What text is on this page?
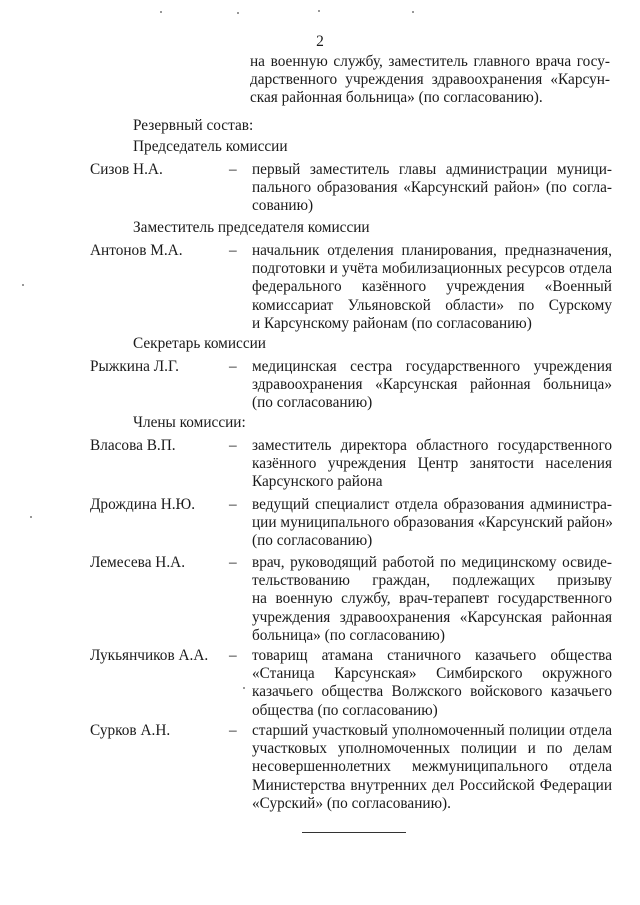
2
на военную службу, заместитель главного врача госу-
дарственного учреждения здравоохранения «Карсун-
ская районная больница» (по согласованию).
Резервный состав:
Председатель комиссии
Сизов Н.А.	– первый заместитель главы администрации муници-
пального образования «Карсунский район» (по согла-
сованию)
Заместитель председателя комиссии
Антонов М.А.	– начальник отделения планирования, предназначения,
подготовки и учёта мобилизационных ресурсов отдела
федерального казённого учреждения «Военный
комиссариат Ульяновской области» по Сурскому
и Карсунскому районам (по согласованию)
Секретарь комиссии
Рыжкина Л.Г.	– медицинская сестра государственного учреждения
здравоохранения «Карсунская районная больница»
(по согласованию)
Члены комиссии:
Власова В.П.	– заместитель директора областного государственного
казённого учреждения Центр занятости населения
Карсунского района
Дрождина Н.Ю. – ведущий специалист отдела образования администра-
ции муниципального образования «Карсунский район»
(по согласованию)
Лемесева Н.А.	– врач, руководящий работой по медицинскому освиде-
тельствованию граждан, подлежащих призыву
на военную службу, врач-терапевт государственного
учреждения здравоохранения «Карсунская районная
больница» (по согласованию)
Лукьянчиков А.А. – товарищ атамана станичного казачьего общества
«Станица Карсунская» Симбирского окружного
казачьего общества Волжского войскового казачьего
общества (по согласованию)
Сурков А.Н.	– старший участковый уполномоченный полиции отдела
участковых уполномоченных полиции и по делам
несовершеннолетних межмуниципального отдела
Министерства внутренних дел Российской Федерации
«Сурский» (по согласованию).
